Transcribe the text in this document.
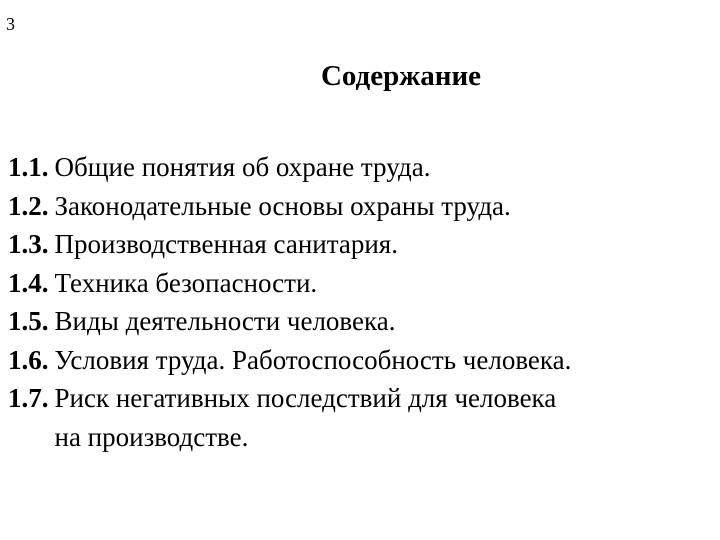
3
Содержание
1.1. Общие понятия об охране труда.
1.2. Законодательные основы охраны труда.
1.3. Производственная санитария.
1.4. Техника безопасности.
1.5. Виды деятельности человека.
1.6. Условия труда. Работоспособность человека.
1.7. Риск негативных последствий для человека
на производстве.
